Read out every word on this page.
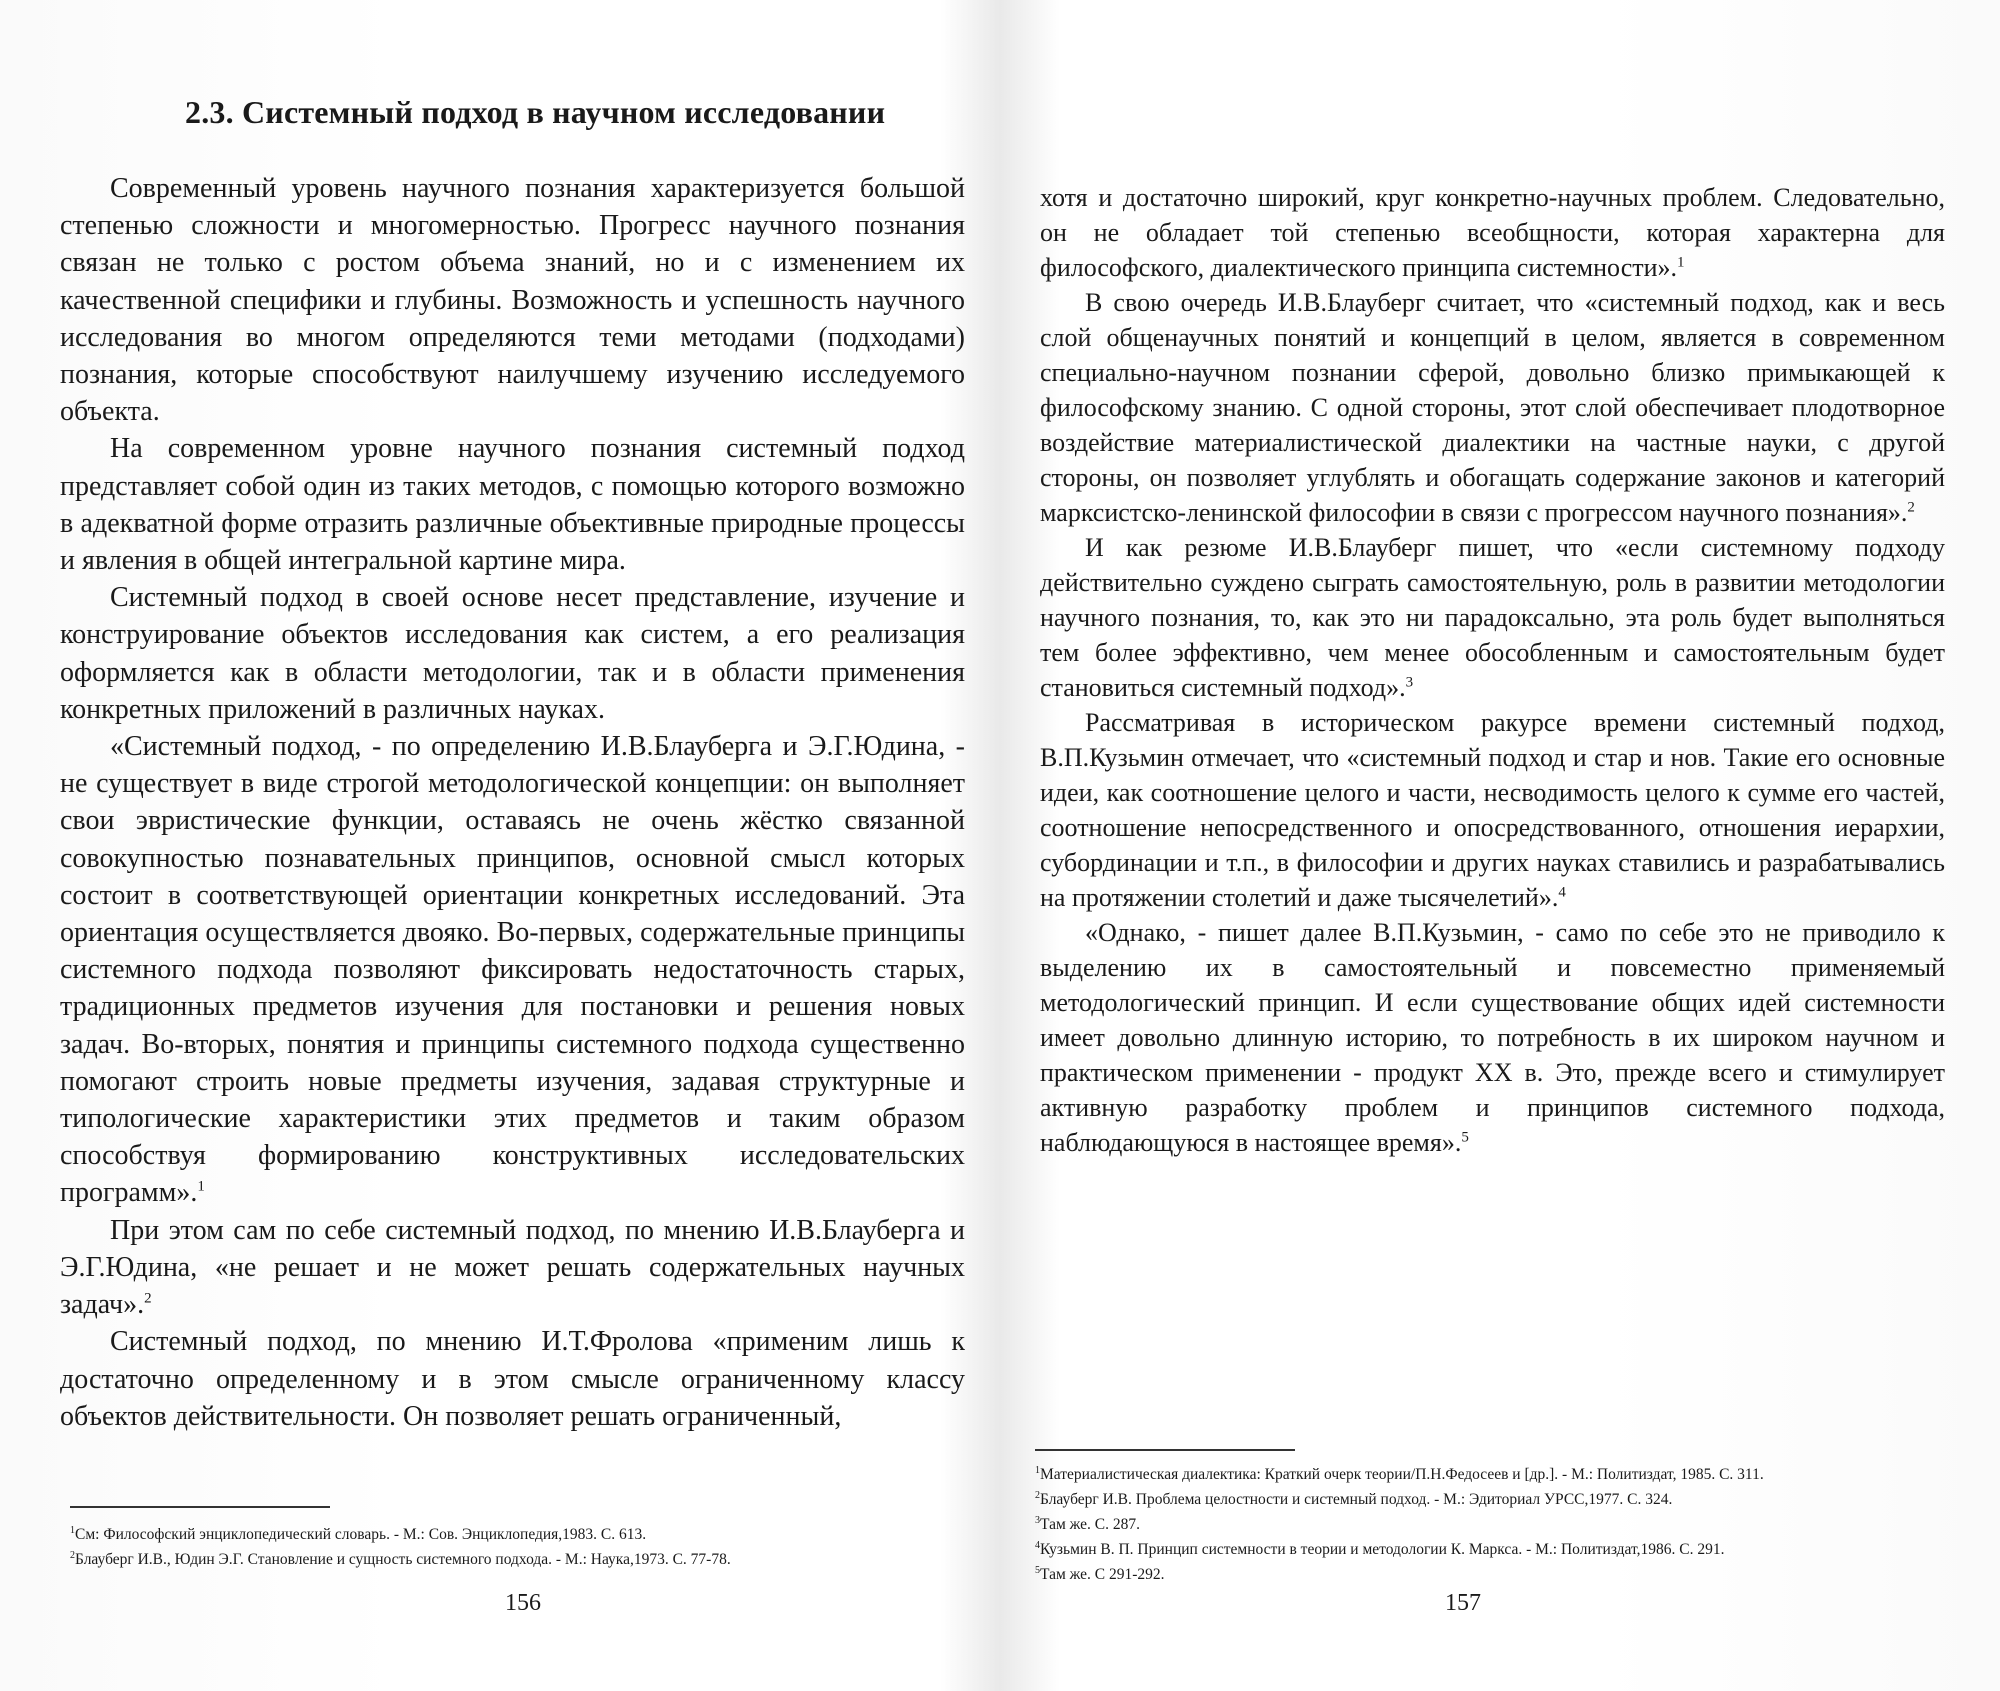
2.3. Системный подход в научном исследовании

Современный уровень научного познания характеризуется большой степенью сложности и многомерностью. Прогресс научного познания связан не только с ростом объема знаний, но и с изменением их качественной специфики и глубины. Возможность и успешность научного исследования во многом определяются теми методами (подходами) познания, которые способствуют наилучшему изучению исследуемого объекта.

На современном уровне научного познания системный подход представляет собой один из таких методов, с помощью которого возможно в адекватной форме отразить различные объективные природные процессы и явления в общей интегральной картине мира.

Системный подход в своей основе несет представление, изучение и конструирование объектов исследования как систем, а его реализация оформляется как в области методологии, так и в области применения конкретных приложений в различных науках.

«Системный подход, - по определению И.В.Блауберга и Э.Г.Юдина, - не существует в виде строгой методологической концепции: он выполняет свои эвристические функции, оставаясь не очень жёстко связанной совокупностью познавательных принципов, основной смысл которых состоит в соответствующей ориентации конкретных исследований. Эта ориентация осуществляется двояко. Во-первых, содержательные принципы системного подхода позволяют фиксировать недостаточность старых, традиционных предметов изучения для постановки и решения новых задач. Во-вторых, понятия и принципы системного подхода существенно помогают строить новые предметы изучения, задавая структурные и типологические характеристики этих предметов и таким образом способствуя формированию конструктивных исследовательских программ».$^1$

При этом сам по себе системный подход, по мнению И.В.Блауберга и Э.Г.Юдина, «не решает и не может решать содержательных научных задач».$^2$

Системный подход, по мнению И.Т.Фролова «применим лишь к достаточно определенному и в этом смысле ограниченному классу объектов действительности. Он позволяет решать ограниченный,

$^1$См: Философский энциклопедический словарь. - М.: Сов. Энциклопедия,1983. С. 613.

$^2$Блауберг И.В., Юдин Э.Г. Становление и сущность системного подхода. - М.: Наука,1973. С. 77-78.

156

хотя и достаточно широкий, круг конкретно-научных проблем. Следовательно, он не обладает той степенью всеобщности, которая характерна для философского, диалектического принципа системности».$^1$

В свою очередь И.В.Блауберг считает, что «системный подход, как и весь слой общенаучных понятий и концепций в целом, является в современном специально-научном познании сферой, довольно близко примыкающей к философскому знанию. С одной стороны, этот слой обеспечивает плодотворное воздействие материалистической диалектики на частные науки, с другой стороны, он позволяет углублять и обогащать содержание законов и категорий марксистско-ленинской философии в связи с прогрессом научного познания».$^2$

И как резюме И.В.Блауберг пишет, что «если системному подходу действительно суждено сыграть самостоятельную, роль в развитии методологии научного познания, то, как это ни парадоксально, эта роль будет выполняться тем более эффективно, чем менее обособленным и самостоятельным будет становиться системный подход».$^3$

Рассматривая в историческом ракурсе времени системный подход, В.П.Кузьмин отмечает, что «системный подход и стар и нов. Такие его основные идеи, как соотношение целого и части, несводимость целого к сумме его частей, соотношение непосредственного и опосредствованного, отношения иерархии, субординации и т.п., в философии и других науках ставились и разрабатывались на протяжении столетий и даже тысячелетий».$^4$

«Однако, - пишет далее В.П.Кузьмин, - само по себе это не приводило к выделению их в самостоятельный и повсеместно применяемый методологический принцип. И если существование общих идей системности имеет довольно длинную историю, то потребность в их широком научном и практическом применении - продукт XX в. Это, прежде всего и стимулирует активную разработку проблем и принципов системного подхода, наблюдающуюся в настоящее время».$^5$

$^1$Материалистическая диалектика: Краткий очерк теории/П.Н.Федосеев и [др.]. - М.: Политиздат, 1985. С. 311.

$^2$Блауберг И.В. Проблема целостности и системный подход. - М.: Эдиториал УРСС,1977. С. 324.

$^3$Там же. С. 287.

$^4$Кузьмин В. П. Принцип системности в теории и методологии К. Маркса. - М.: Политиздат,1986. С. 291.

$^5$Там же. С 291-292.

157
